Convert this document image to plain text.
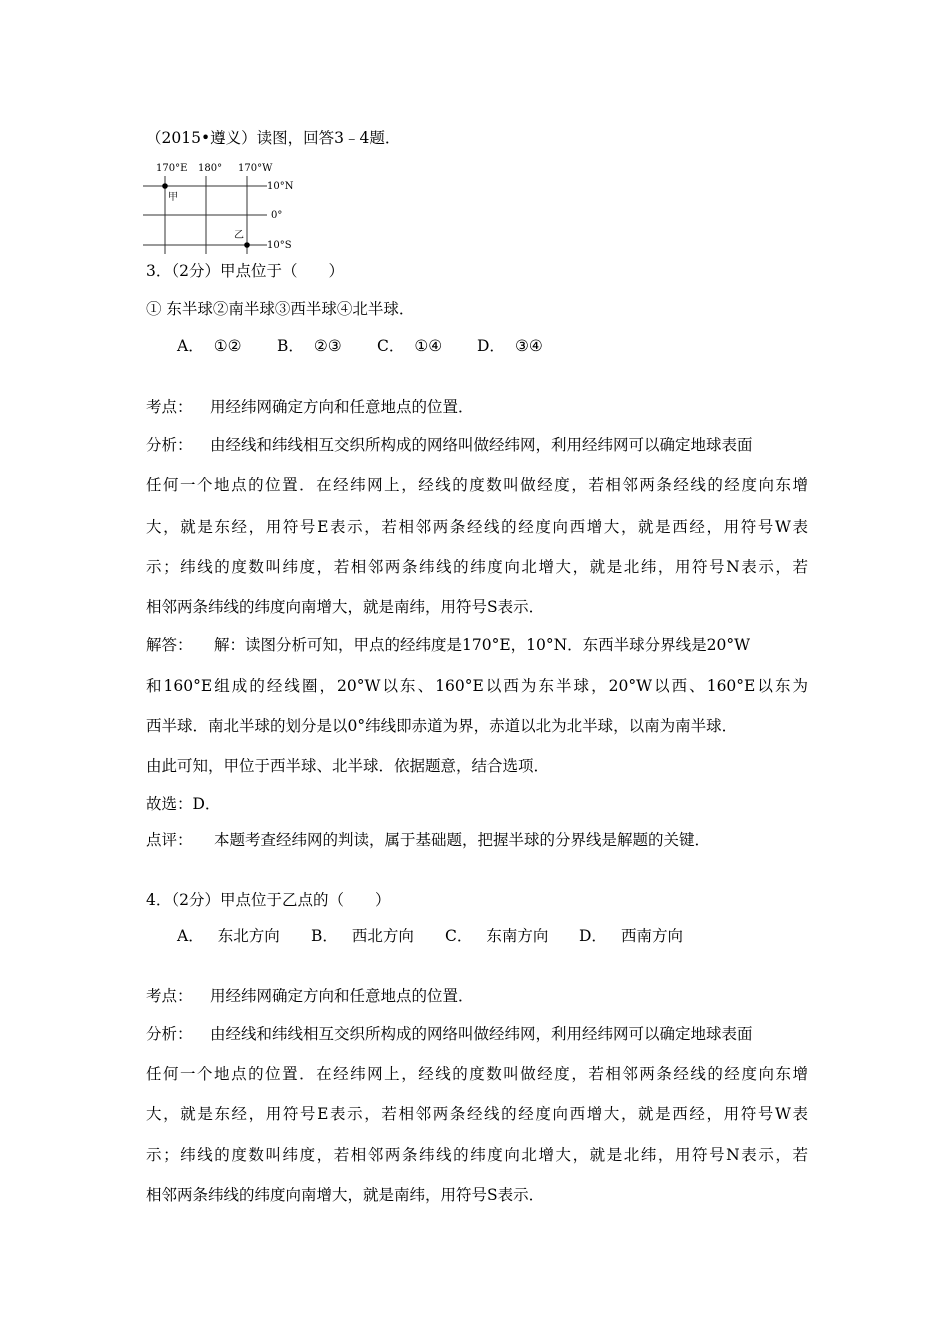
（2015•遵义）读图，回答3﹣4题．
170°E 180° 170°W
10°N
0°
10°S
甲
乙
3．（2分）甲点位于（　　）
① 东半球②南半球③西半球④北半球．
A． ①② B． ②③ C． ①④ D． ③④
考点： 用经纬网确定方向和任意地点的位置．
分析： 由经线和纬线相互交织所构成的网络叫做经纬网，利用经纬网可以确定地球表面
任何一个地点的位置．在经纬网上，经线的度数叫做经度，若相邻两条经线的经度向东增
大，就是东经，用符号E表示，若相邻两条经线的经度向西增大，就是西经，用符号W表
示；纬线的度数叫纬度，若相邻两条纬线的纬度向北增大，就是北纬，用符号N表示，若
相邻两条纬线的纬度向南增大，就是南纬，用符号S表示．
解答： 解：读图分析可知，甲点的经纬度是170°E，10°N．东西半球分界线是20°W
和160°E组成的经线圈，20°W以东、160°E以西为东半球，20°W以西、160°E以东为
西半球．南北半球的划分是以0°纬线即赤道为界，赤道以北为北半球，以南为南半球．
由此可知，甲位于西半球、北半球．依据题意，结合选项．
故选：D．
点评： 本题考查经纬网的判读，属于基础题，把握半球的分界线是解题的关键．
4．（2分）甲点位于乙点的（　　）
A． 东北方向 B． 西北方向 C． 东南方向 D． 西南方向
考点： 用经纬网确定方向和任意地点的位置．
分析： 由经线和纬线相互交织所构成的网络叫做经纬网，利用经纬网可以确定地球表面
任何一个地点的位置．在经纬网上，经线的度数叫做经度，若相邻两条经线的经度向东增
大，就是东经，用符号E表示，若相邻两条经线的经度向西增大，就是西经，用符号W表
示；纬线的度数叫纬度，若相邻两条纬线的纬度向北增大，就是北纬，用符号N表示，若
相邻两条纬线的纬度向南增大，就是南纬，用符号S表示．
